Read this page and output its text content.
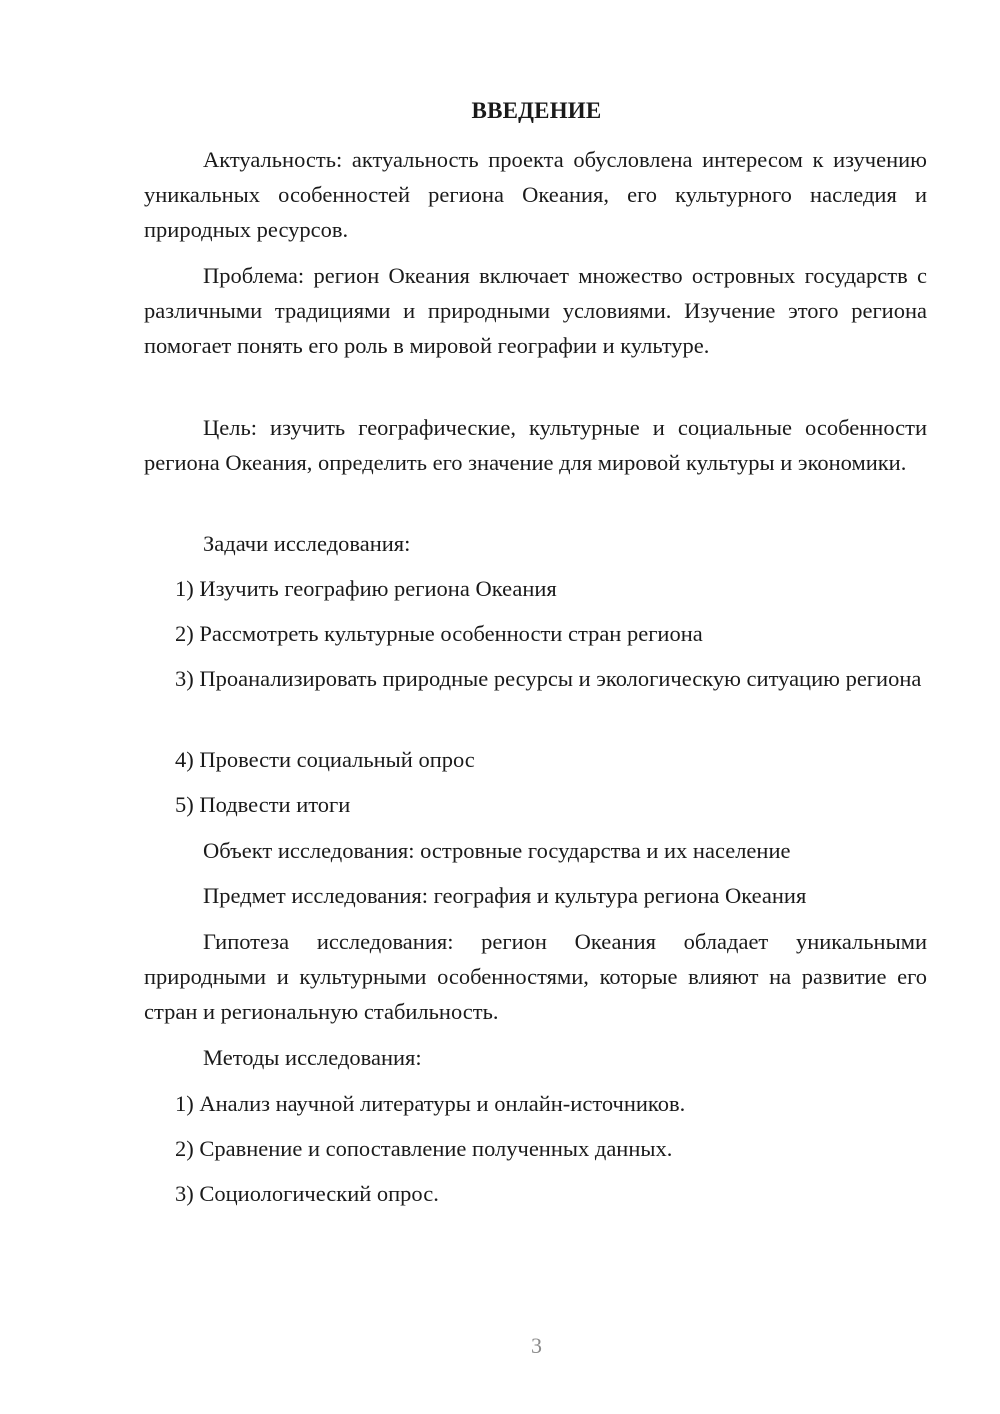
ВВЕДЕНИЕ

Актуальность: актуальность проекта обусловлена интересом к изучению уникальных особенностей региона Океания, его культурного наследия и природных ресурсов.

Проблема: регион Океания включает множество островных государств с различными традициями и природными условиями. Изучение этого региона помогает понять его роль в мировой географии и культуре.

Цель: изучить географические, культурные и социальные особенности региона Океания, определить его значение для мировой культуры и экономики.

Задачи исследования:

1) Изучить географию региона Океания

2) Рассмотреть культурные особенности стран региона

3) Проанализировать природные ресурсы и экологическую ситуацию региона

4) Провести социальный опрос

5) Подвести итоги

Объект исследования: островные государства и их население

Предмет исследования: география и культура региона Океания

Гипотеза исследования: регион Океания обладает уникальными природными и культурными особенностями, которые влияют на развитие его стран и региональную стабильность.

Методы исследования:

1) Анализ научной литературы и онлайн-источников.

2) Сравнение и сопоставление полученных данных.

3) Социологический опрос.

3
